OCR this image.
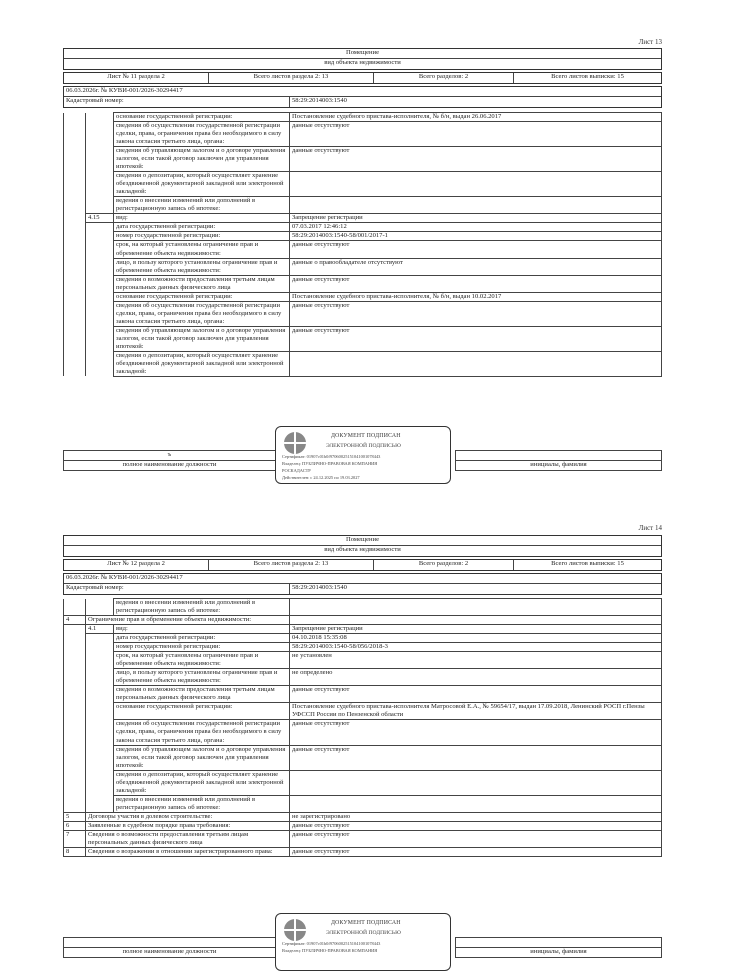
Лист 13
Помещение
вид объекта недвижимости
Лист № 11 раздела 2	Всего листов раздела 2: 13	Всего разделов: 2	Всего листов выписки: 15
06.03.2026г. № КУВИ-001/2026-30294417
Кадастровый номер:	58:29:2014003:1540
		основание государственной регистрации:	Постановление судебного пристава-исполнителя, № б/н, выдан 26.06.2017
		сведения об осуществлении государственной регистрации сделки, права, ограничения права без необходимого в силу закона согласия третьего лица, органа:	данные отсутствуют
		сведения об управляющем залогом и о договоре управления залогом, если такой договор заключен для управления ипотекой:	данные отсутствуют
		сведения о депозитарии, который осуществляет хранение обездвиженной документарной закладной или электронной закладной:	
		ведения о внесении изменений или дополнений в регистрационную запись об ипотеке:	
	4.15	вид:	Запрещение регистрации
		дата государственной регистрации:	07.03.2017 12:46:12
		номер государственной регистрации:	58:29:2014003:1540-58/001/2017-1
		срок, на который установлены ограничение прав и обременение объекта недвижимости:	данные отсутствуют
		лицо, в пользу которого установлены ограничение прав и обременение объекта недвижимости:	данные о правообладателе отсутствуют
		сведения о возможности предоставления третьим лицам персональных данных физического лица	данные отсутствуют
		основание государственной регистрации:	Постановление судебного пристава-исполнителя, № б/н, выдан 10.02.2017
		сведения об осуществлении государственной регистрации сделки, права, ограничения права без необходимого в силу закона согласия третьего лица, органа:	данные отсутствуют
		сведения об управляющем залогом и о договоре управления залогом, если такой договор заключен для управления ипотекой:	данные отсутствуют
		сведения о депозитарии, который осуществляет хранение обездвиженной документарной закладной или электронной закладной:	
ъ		
полное наименование должности		инициалы, фамилия
ДОКУМЕНТ ПОДПИСАН
ЭЛЕКТРОННОЙ ПОДПИСЬЮ
Сертификат: 01907c01b0f97060025151041001078443
Владелец: ПУБЛИЧНО-ПРАВОВАЯ КОМПАНИЯ
РОСКАДАСТР
Действителен: с 24.12.2025 по 19.03.2027
Лист 14
Помещение
вид объекта недвижимости
Лист № 12 раздела 2	Всего листов раздела 2: 13	Всего разделов: 2	Всего листов выписки: 15
06.03.2026г. № КУВИ-001/2026-30294417
Кадастровый номер:	58:29:2014003:1540
		ведения о внесении изменений или дополнений в регистрационную запись об ипотеке:	
4	Ограничение прав и обременение объекта недвижимости:		
	4.1	вид:	Запрещение регистрации
		дата государственной регистрации:	04.10.2018 15:35:08
		номер государственной регистрации:	58:29:2014003:1540-58/056/2018-3
		срок, на который установлены ограничение прав и обременение объекта недвижимости:	не установлен
		лицо, в пользу которого установлены ограничение прав и обременение объекта недвижимости:	не определено
		сведения о возможности предоставления третьим лицам персональных данных физического лица	данные отсутствуют
		основание государственной регистрации:	Постановление судебного пристава-исполнителя Матросовой Е.А., № 59654/17, выдан 17.09.2018, Ленинский РОСП г.Пензы УФССП России по Пензенской области
		сведения об осуществлении государственной регистрации сделки, права, ограничения права без необходимого в силу закона согласия третьего лица, органа:	данные отсутствуют
		сведения об управляющем залогом и о договоре управления залогом, если такой договор заключен для управления ипотекой:	данные отсутствуют
		сведения о депозитарии, который осуществляет хранение обездвиженной документарной закладной или электронной закладной:	
		ведения о внесении изменений или дополнений в регистрационную запись об ипотеке:	
5	Договоры участия в долевом строительстве:		не зарегистрировано
6	Заявленные в судебном порядке права требования:		данные отсутствуют
7	Сведения о возможности предоставления третьим лицам персональных данных физического лица		данные отсутствуют
8	Сведения о возражении в отношении зарегистрированного права:		данные отсутствуют

полное наименование должности		инициалы, фамилия
ДОКУМЕНТ ПОДПИСАН
ЭЛЕКТРОННОЙ ПОДПИСЬЮ
Сертификат: 01907c01b0f97060025151041001078443
Владелец: ПУБЛИЧНО-ПРАВОВАЯ КОМПАНИЯ
